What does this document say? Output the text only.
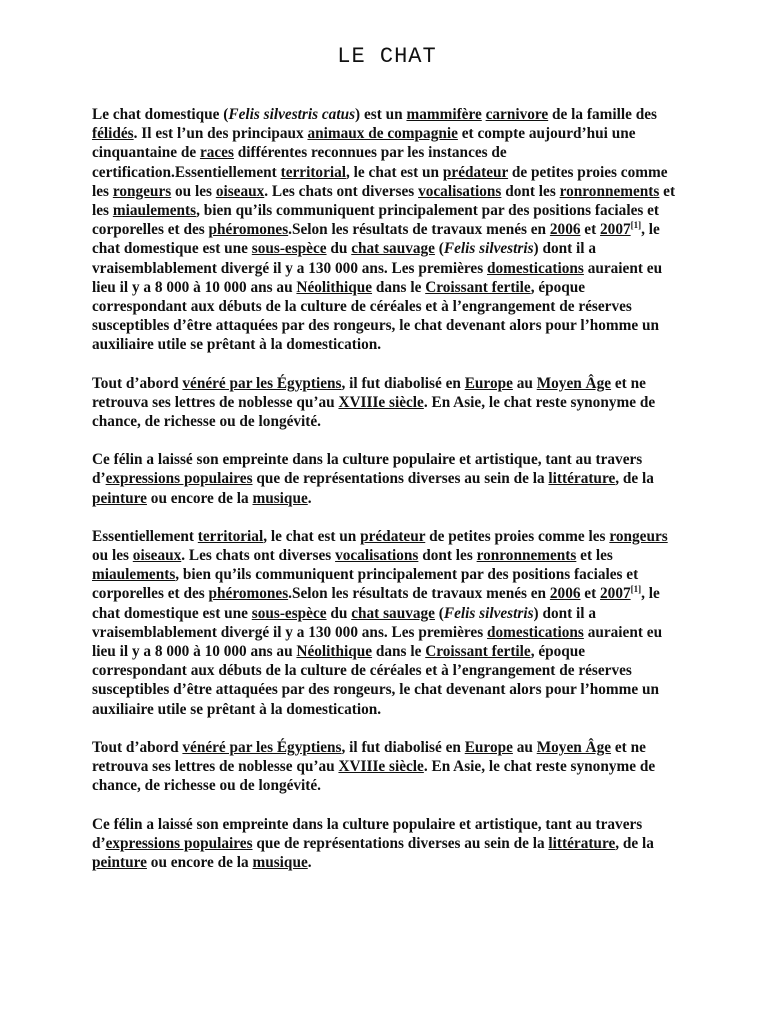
LE CHAT

Le chat domestique (Felis silvestris catus) est un mammifère carnivore de la famille des félidés. Il est l’un des principaux animaux de compagnie et compte aujourd’hui une cinquantaine de races différentes reconnues par les instances de certification.Essentiellement territorial, le chat est un prédateur de petites proies comme les rongeurs ou les oiseaux. Les chats ont diverses vocalisations dont les ronronnements et les miaulements, bien qu’ils communiquent principalement par des positions faciales et corporelles et des phéromones.Selon les résultats de travaux menés en 2006 et 2007[1], le chat domestique est une sous-espèce du chat sauvage (Felis silvestris) dont il a vraisemblablement divergé il y a 130 000 ans. Les premières domestications auraient eu lieu il y a 8 000 à 10 000 ans au Néolithique dans le Croissant fertile, époque correspondant aux débuts de la culture de céréales et à l’engrangement de réserves susceptibles d’être attaquées par des rongeurs, le chat devenant alors pour l’homme un auxiliaire utile se prêtant à la domestication.

Tout d’abord vénéré par les Égyptiens, il fut diabolisé en Europe au Moyen Âge et ne retrouva ses lettres de noblesse qu’au XVIIIe siècle. En Asie, le chat reste synonyme de chance, de richesse ou de longévité.

Ce félin a laissé son empreinte dans la culture populaire et artistique, tant au travers d’expressions populaires que de représentations diverses au sein de la littérature, de la peinture ou encore de la musique.

Essentiellement territorial, le chat est un prédateur de petites proies comme les rongeurs ou les oiseaux. Les chats ont diverses vocalisations dont les ronronnements et les miaulements, bien qu’ils communiquent principalement par des positions faciales et corporelles et des phéromones.Selon les résultats de travaux menés en 2006 et 2007[1], le chat domestique est une sous-espèce du chat sauvage (Felis silvestris) dont il a vraisemblablement divergé il y a 130 000 ans. Les premières domestications auraient eu lieu il y a 8 000 à 10 000 ans au Néolithique dans le Croissant fertile, époque correspondant aux débuts de la culture de céréales et à l’engrangement de réserves susceptibles d’être attaquées par des rongeurs, le chat devenant alors pour l’homme un auxiliaire utile se prêtant à la domestication.

Tout d’abord vénéré par les Égyptiens, il fut diabolisé en Europe au Moyen Âge et ne retrouva ses lettres de noblesse qu’au XVIIIe siècle. En Asie, le chat reste synonyme de chance, de richesse ou de longévité.

Ce félin a laissé son empreinte dans la culture populaire et artistique, tant au travers d’expressions populaires que de représentations diverses au sein de la littérature, de la peinture ou encore de la musique.
